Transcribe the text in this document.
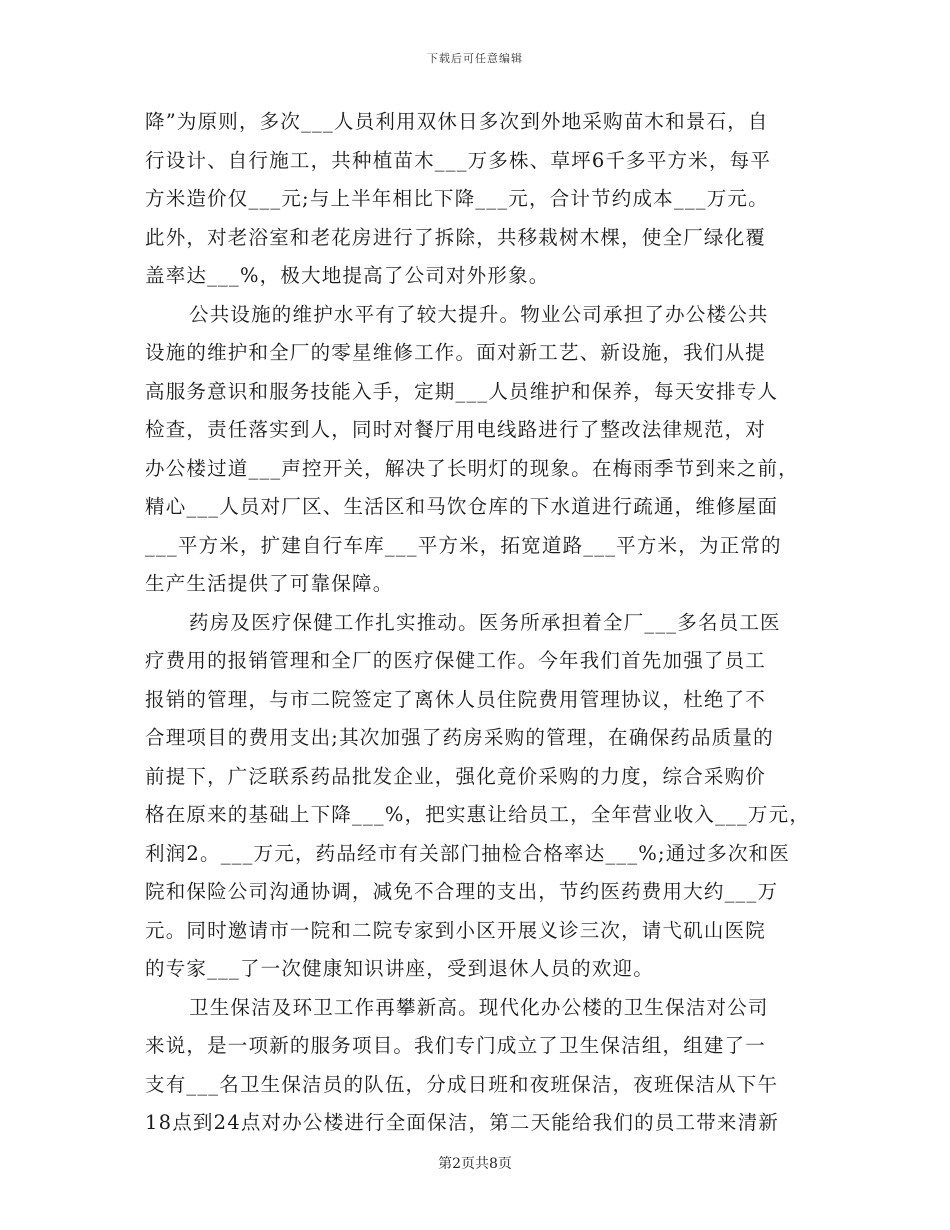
下载后可任意编辑
降”为原则，多次___人员利用双休日多次到外地采购苗木和景石，自
行设计、自行施工，共种植苗木___万多株、草坪6千多平方米，每平
方米造价仅___元;与上半年相比下降___元，合计节约成本___万元。
此外，对老浴室和老花房进行了拆除，共移栽树木棵，使全厂绿化覆
盖率达___%，极大地提高了公司对外形象。
公共设施的维护水平有了较大提升。物业公司承担了办公楼公共
设施的维护和全厂的零星维修工作。面对新工艺、新设施，我们从提
高服务意识和服务技能入手，定期___人员维护和保养，每天安排专人
检查，责任落实到人，同时对餐厅用电线路进行了整改法律规范，对
办公楼过道___声控开关，解决了长明灯的现象。在梅雨季节到来之前，
精心___人员对厂区、生活区和马饮仓库的下水道进行疏通，维修屋面
___平方米，扩建自行车库___平方米，拓宽道路___平方米，为正常的
生产生活提供了可靠保障。
药房及医疗保健工作扎实推动。医务所承担着全厂___多名员工医
疗费用的报销管理和全厂的医疗保健工作。今年我们首先加强了员工
报销的管理，与市二院签定了离休人员住院费用管理协议，杜绝了不
合理项目的费用支出;其次加强了药房采购的管理，在确保药品质量的
前提下，广泛联系药品批发企业，强化竟价采购的力度，综合采购价
格在原来的基础上下降___%，把实惠让给员工，全年营业收入___万元，
利润2。___万元，药品经市有关部门抽检合格率达___%;通过多次和医
院和保险公司沟通协调，减免不合理的支出，节约医药费用大约___万
元。同时邀请市一院和二院专家到小区开展义诊三次，请弋矶山医院
的专家___了一次健康知识讲座，受到退休人员的欢迎。
卫生保洁及环卫工作再攀新高。现代化办公楼的卫生保洁对公司
来说，是一项新的服务项目。我们专门成立了卫生保洁组，组建了一
支有___名卫生保洁员的队伍，分成日班和夜班保洁，夜班保洁从下午
18点到24点对办公楼进行全面保洁，第二天能给我们的员工带来清新
第2页共8页
